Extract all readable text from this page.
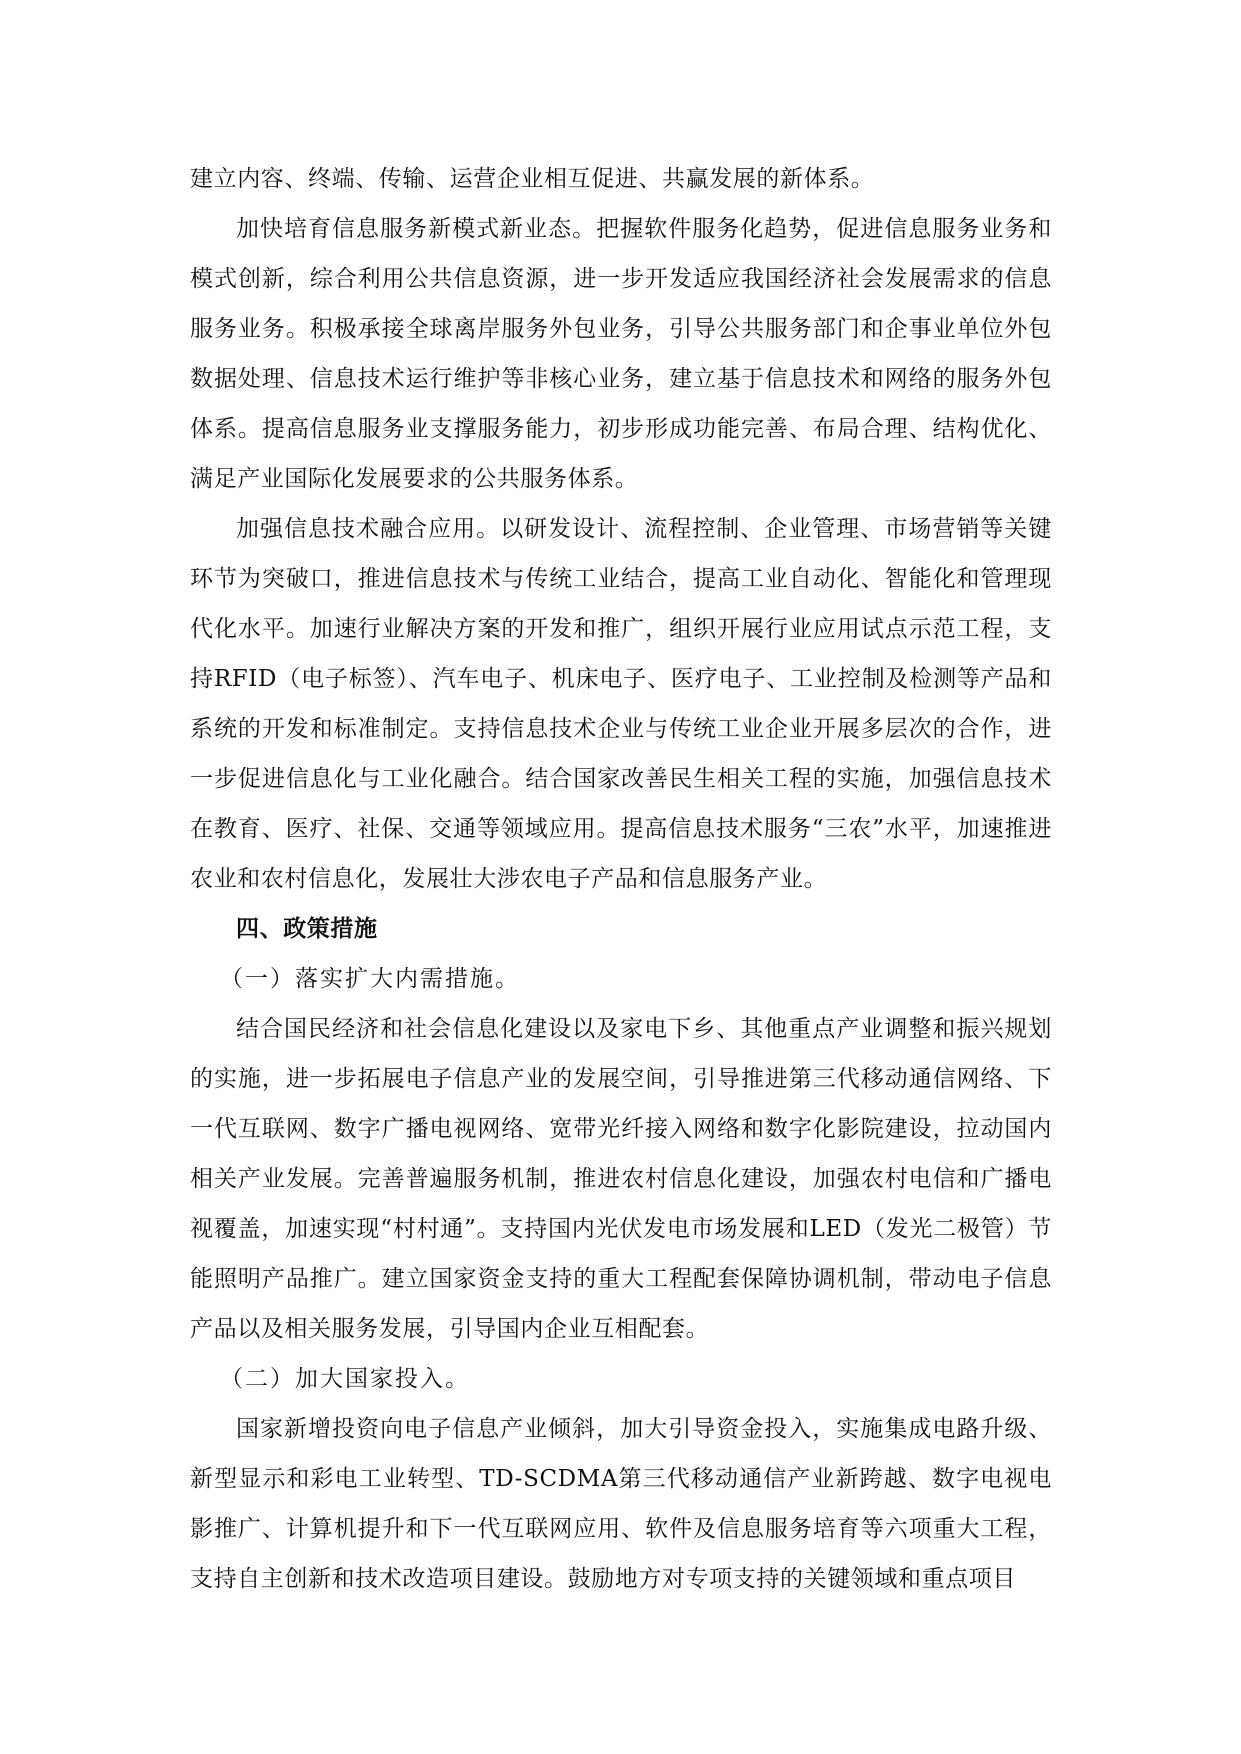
建立内容、终端、传输、运营企业相互促进、共赢发展的新体系。

加快培育信息服务新模式新业态。把握软件服务化趋势，促进信息服务业务和模式创新，综合利用公共信息资源，进一步开发适应我国经济社会发展需求的信息服务业务。积极承接全球离岸服务外包业务，引导公共服务部门和企事业单位外包数据处理、信息技术运行维护等非核心业务，建立基于信息技术和网络的服务外包体系。提高信息服务业支撑服务能力，初步形成功能完善、布局合理、结构优化、满足产业国际化发展要求的公共服务体系。

加强信息技术融合应用。以研发设计、流程控制、企业管理、市场营销等关键环节为突破口，推进信息技术与传统工业结合，提高工业自动化、智能化和管理现代化水平。加速行业解决方案的开发和推广，组织开展行业应用试点示范工程，支持RFID（电子标签）、汽车电子、机床电子、医疗电子、工业控制及检测等产品和系统的开发和标准制定。支持信息技术企业与传统工业企业开展多层次的合作，进一步促进信息化与工业化融合。结合国家改善民生相关工程的实施，加强信息技术在教育、医疗、社保、交通等领域应用。提高信息技术服务“三农”水平，加速推进农业和农村信息化，发展壮大涉农电子产品和信息服务产业。

四、政策措施

（一）落实扩大内需措施。

结合国民经济和社会信息化建设以及家电下乡、其他重点产业调整和振兴规划的实施，进一步拓展电子信息产业的发展空间，引导推进第三代移动通信网络、下一代互联网、数字广播电视网络、宽带光纤接入网络和数字化影院建设，拉动国内相关产业发展。完善普遍服务机制，推进农村信息化建设，加强农村电信和广播电视覆盖，加速实现“村村通”。支持国内光伏发电市场发展和LED（发光二极管）节能照明产品推广。建立国家资金支持的重大工程配套保障协调机制，带动电子信息产品以及相关服务发展，引导国内企业互相配套。

（二）加大国家投入。

国家新增投资向电子信息产业倾斜，加大引导资金投入，实施集成电路升级、新型显示和彩电工业转型、TD-SCDMA第三代移动通信产业新跨越、数字电视电影推广、计算机提升和下一代互联网应用、软件及信息服务培育等六项重大工程，支持自主创新和技术改造项目建设。鼓励地方对专项支持的关键领域和重点项目
